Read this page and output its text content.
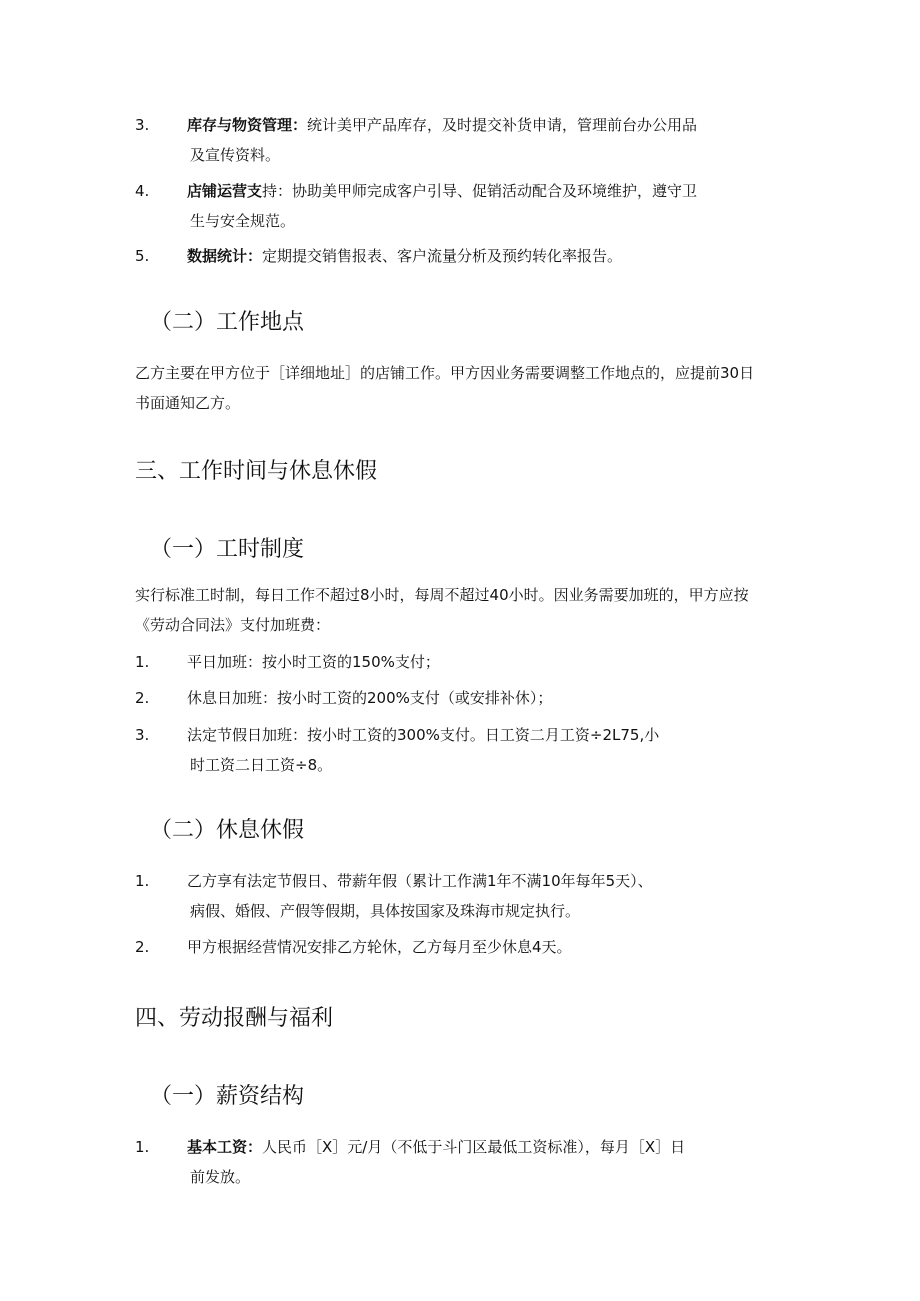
3.	库存与物资管理：统计美甲产品库存，及时提交补货申请，管理前台办公用品
及宣传资料。
4.	店铺运营支持：协助美甲师完成客户引导、促销活动配合及环境维护，遵守卫
生与安全规范。
5.	数据统计：定期提交销售报表、客户流量分析及预约转化率报告。
（二）工作地点
乙方主要在甲方位于［详细地址］的店铺工作。甲方因业务需要调整工作地点的，应提前30日
书面通知乙方。
三、工作时间与休息休假
（一）工时制度
实行标准工时制，每日工作不超过8小时，每周不超过40小时。因业务需要加班的，甲方应按
《劳动合同法》支付加班费：
1.	平日加班：按小时工资的150%支付；
2.	休息日加班：按小时工资的200%支付（或安排补休）；
3.	法定节假日加班：按小时工资的300%支付。日工资二月工资÷2L75,小
时工资二日工资÷8。
（二）休息休假
1.	乙方享有法定节假日、带薪年假（累计工作满1年不满10年每年5天）、
病假、婚假、产假等假期，具体按国家及珠海市规定执行。
2.	甲方根据经营情况安排乙方轮休，乙方每月至少休息4天。
四、劳动报酬与福利
（一）薪资结构
1.	基本工资：人民币［X］元/月（不低于斗门区最低工资标准），每月［X］日
前发放。
